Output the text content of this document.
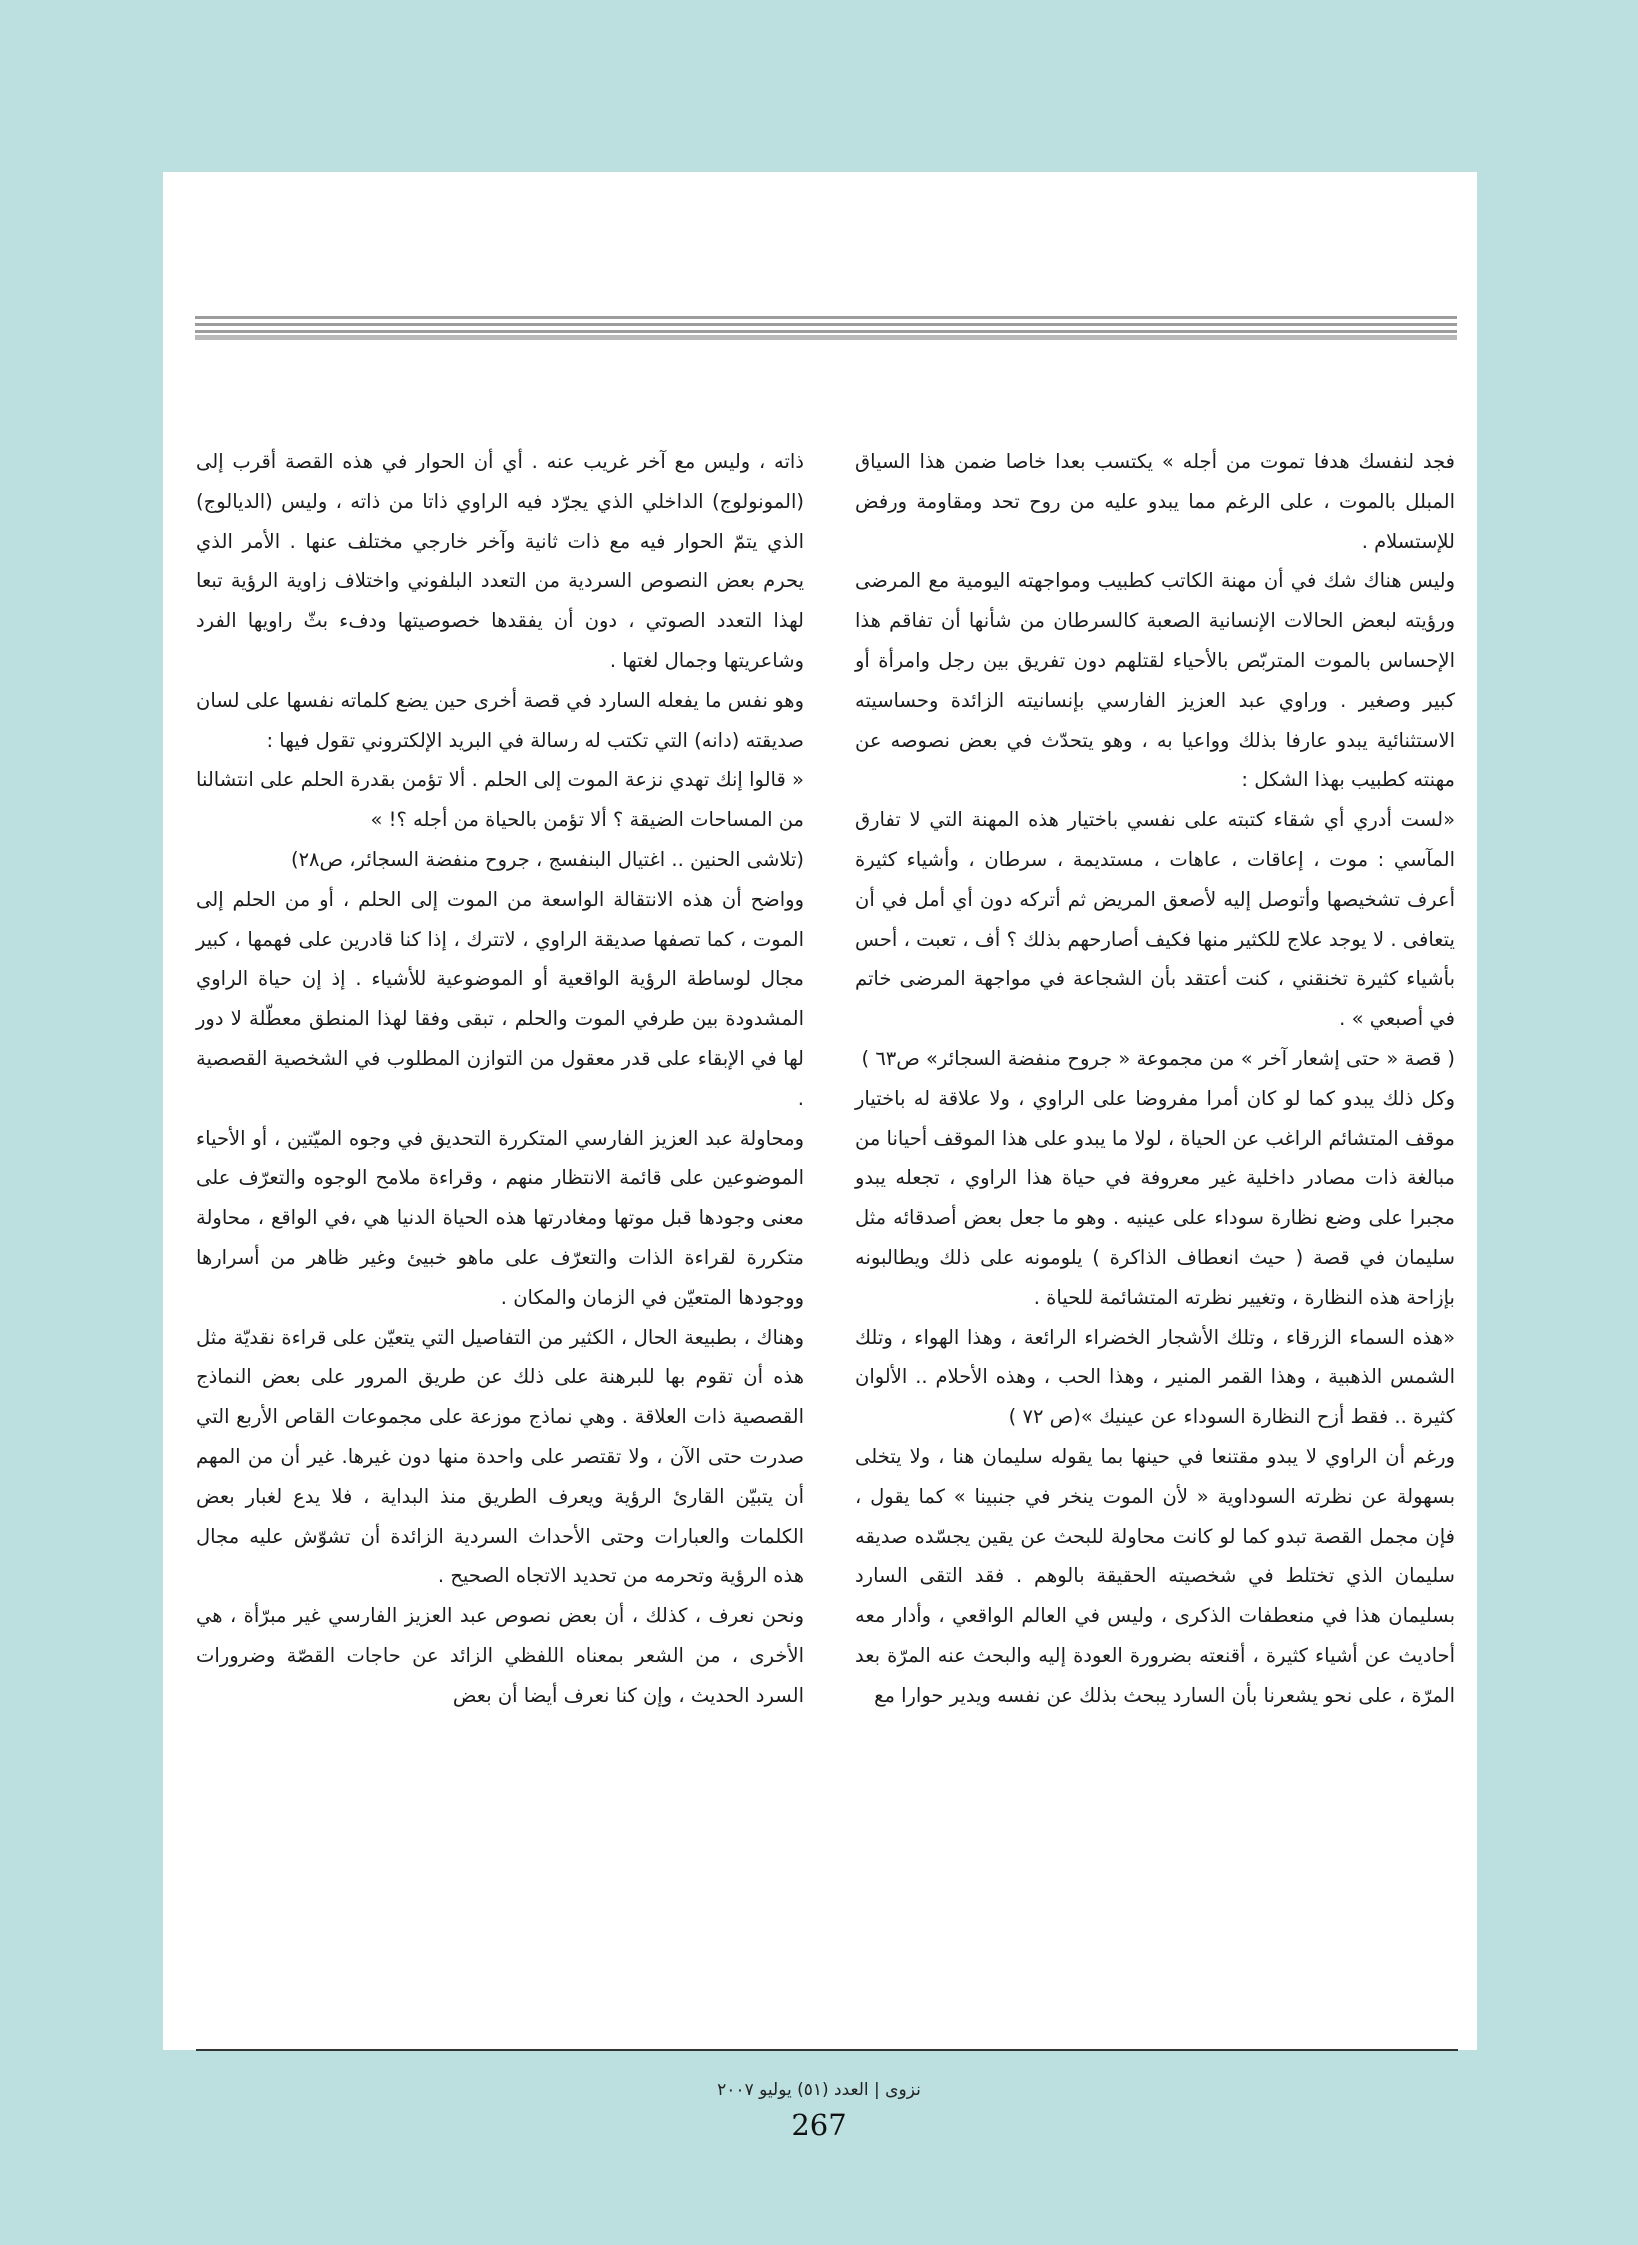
فجد لنفسك هدفا تموت من أجله » يكتسب بعدا خاصا ضمن هذا السياق المبلل بالموت ، على الرغم مما يبدو عليه من روح تحد ومقاومة ورفض للإستسلام .

وليس هناك شك في أن مهنة الكاتب كطبيب ومواجهته اليومية مع المرضى ورؤيته لبعض الحالات الإنسانية الصعبة كالسرطان من شأنها أن تفاقم هذا الإحساس بالموت المتربّص بالأحياء لقتلهم دون تفريق بين رجل وامرأة أو كبير وصغير . وراوي عبد العزيز الفارسي بإنسانيته الزائدة وحساسيته الاستثنائية يبدو عارفا بذلك وواعيا به ، وهو يتحدّث في بعض نصوصه عن مهنته كطبيب بهذا الشكل :

«لست أدري أي شقاء كتبته على نفسي باختيار هذه المهنة التي لا تفارق المآسي : موت ، إعاقات ، عاهات ، مستديمة ، سرطان ، وأشياء كثيرة أعرف تشخيصها وأتوصل إليه لأصعق المريض ثم أتركه دون أي أمل في أن يتعافى . لا يوجد علاج للكثير منها فكيف أصارحهم بذلك ؟ أف ، تعبت ، أحس بأشياء كثيرة تخنقني ، كنت أعتقد بأن الشجاعة في مواجهة المرضى خاتم في أصبعي » .

( قصة « حتى إشعار آخر » من مجموعة « جروح منفضة السجائر» ص٦٣ )

وكل ذلك يبدو كما لو كان أمرا مفروضا على الراوي ، ولا علاقة له باختيار موقف المتشائم الراغب عن الحياة ، لولا ما يبدو على هذا الموقف أحيانا من مبالغة ذات مصادر داخلية غير معروفة في حياة هذا الراوي ، تجعله يبدو مجبرا على وضع نظارة سوداء على عينيه . وهو ما جعل بعض أصدقائه مثل سليمان في قصة ( حيث انعطاف الذاكرة ) يلومونه على ذلك ويطالبونه بإزاحة هذه النظارة ، وتغيير نظرته المتشائمة للحياة .

«هذه السماء الزرقاء ، وتلك الأشجار الخضراء الرائعة ، وهذا الهواء ، وتلك الشمس الذهبية ، وهذا القمر المنير ، وهذا الحب ، وهذه الأحلام .. الألوان كثيرة .. فقط أزح النظارة السوداء عن عينيك »(ص ٧٢ )

ورغم أن الراوي لا يبدو مقتنعا في حينها بما يقوله سليمان هنا ، ولا يتخلى بسهولة عن نظرته السوداوية « لأن الموت ينخر في جنبينا » كما يقول ، فإن مجمل القصة تبدو كما لو كانت محاولة للبحث عن يقين يجسّده صديقه سليمان الذي تختلط في شخصيته الحقيقة بالوهم . فقد التقى السارد بسليمان هذا في منعطفات الذكرى ، وليس في العالم الواقعي ، وأدار معه أحاديث عن أشياء كثيرة ، أقنعته بضرورة العودة إليه والبحث عنه المرّة بعد المرّة ، على نحو يشعرنا بأن السارد يبحث بذلك عن نفسه ويدير حوارا مع

ذاته ، وليس مع آخر غريب عنه . أي أن الحوار في هذه القصة أقرب إلى (المونولوج) الداخلي الذي يجرّد فيه الراوي ذاتا من ذاته ، وليس (الديالوج) الذي يتمّ الحوار فيه مع ذات ثانية وآخر خارجي مختلف عنها . الأمر الذي يحرم بعض النصوص السردية من التعدد البلفوني واختلاف زاوية الرؤية تبعا لهذا التعدد الصوتي ، دون أن يفقدها خصوصيتها ودفء بثّ راويها الفرد وشاعريتها وجمال لغتها .

وهو نفس ما يفعله السارد في قصة أخرى حين يضع كلماته نفسها على لسان صديقته (دانه) التي تكتب له رسالة في البريد الإلكتروني تقول فيها :

« قالوا إنك تهدي نزعة الموت إلى الحلم . ألا تؤمن بقدرة الحلم على انتشالنا من المساحات الضيقة ؟ ألا تؤمن بالحياة من أجله ؟! »

(تلاشى الحنين .. اغتيال البنفسج ، جروح منفضة السجائر، ص٢٨)

وواضح أن هذه الانتقالة الواسعة من الموت إلى الحلم ، أو من الحلم إلى الموت ، كما تصفها صديقة الراوي ، لاتترك ، إذا كنا قادرين على فهمها ، كبير مجال لوساطة الرؤية الواقعية أو الموضوعية للأشياء . إذ إن حياة الراوي المشدودة بين طرفي الموت والحلم ، تبقى وفقا لهذا المنطق معطّلة لا دور لها في الإبقاء على قدر معقول من التوازن المطلوب في الشخصية القصصية .

ومحاولة عبد العزيز الفارسي المتكررة التحديق في وجوه الميّتين ، أو الأحياء الموضوعين على قائمة الانتظار منهم ، وقراءة ملامح الوجوه والتعرّف على معنى وجودها قبل موتها ومغادرتها هذه الحياة الدنيا هي ،في الواقع ، محاولة متكررة لقراءة الذات والتعرّف على ماهو خبيئ وغير ظاهر من أسرارها ووجودها المتعيّن في الزمان والمكان .

وهناك ، بطبيعة الحال ، الكثير من التفاصيل التي يتعيّن على قراءة نقديّة مثل هذه أن تقوم بها للبرهنة على ذلك عن طريق المرور على بعض النماذج القصصية ذات العلاقة . وهي نماذج موزعة على مجموعات القاص الأربع التي صدرت حتى الآن ، ولا تقتصر على واحدة منها دون غيرها. غير أن من المهم أن يتبيّن القارئ الرؤية ويعرف الطريق منذ البداية ، فلا يدع لغبار بعض الكلمات والعبارات وحتى الأحداث السردية الزائدة أن تشوّش عليه مجال هذه الرؤية وتحرمه من تحديد الاتجاه الصحيح .

ونحن نعرف ، كذلك ، أن بعض نصوص عبد العزيز الفارسي غير مبرّأة ، هي الأخرى ، من الشعر بمعناه اللفظي الزائد عن حاجات القصّة وضرورات السرد الحديث ، وإن كنا نعرف أيضا أن بعض

نزوى | العدد (٥١) يوليو ٢٠٠٧
267
